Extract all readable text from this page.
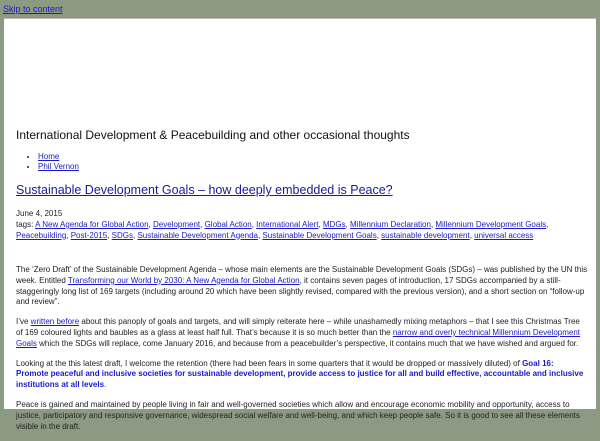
Skip to content
International Development & Peacebuilding and other occasional thoughts
• Home
• Phil Vernon
Sustainable Development Goals – how deeply embedded is Peace?
June 4, 2015
tags: A New Agenda for Global Action, Development, Global Action, International Alert, MDGs, Millennium Declaration, Millennium Development Goals, Peacebuilding, Post-2015, SDGs, Sustainable Development Agenda, Sustainable Development Goals, sustainable development, universal access

The ‘Zero Draft’ of the Sustainable Development Agenda – whose main elements are the Sustainable Development Goals (SDGs) – was published by the UN this week. Entitled Transforming our World by 2030: A New Agenda for Global Action, it contains seven pages of introduction, 17 SDGs accompanied by a still-staggeringly long list of 169 targets (including around 20 which have been slightly revised, compared with the previous version), and a short section on “follow-up and review”.

I’ve written before about this panoply of goals and targets, and will simply reiterate here – while unashamedly mixing metaphors – that I see this Christmas Tree of 169 coloured lights and baubles as a glass at least half full. That’s because it is so much better than the narrow and overly technical Millennium Development Goals which the SDGs will replace, come January 2016, and because from a peacebuilder’s perspective, it contains much that we have wished and argued for.

Looking at the this latest draft, I welcome the retention (there had been fears in some quarters that it would be dropped or massively diluted) of Goal 16: Promote peaceful and inclusive societies for sustainable development, provide access to justice for all and build effective, accountable and inclusive institutions at all levels.

Peace is gained and maintained by people living in fair and well-governed societies which allow and encourage economic mobility and opportunity, access to justice, participatory and responsive governance, widespread social welfare and well-being, and which keep people safe. So it is good to see all these elements visible in the draft.
